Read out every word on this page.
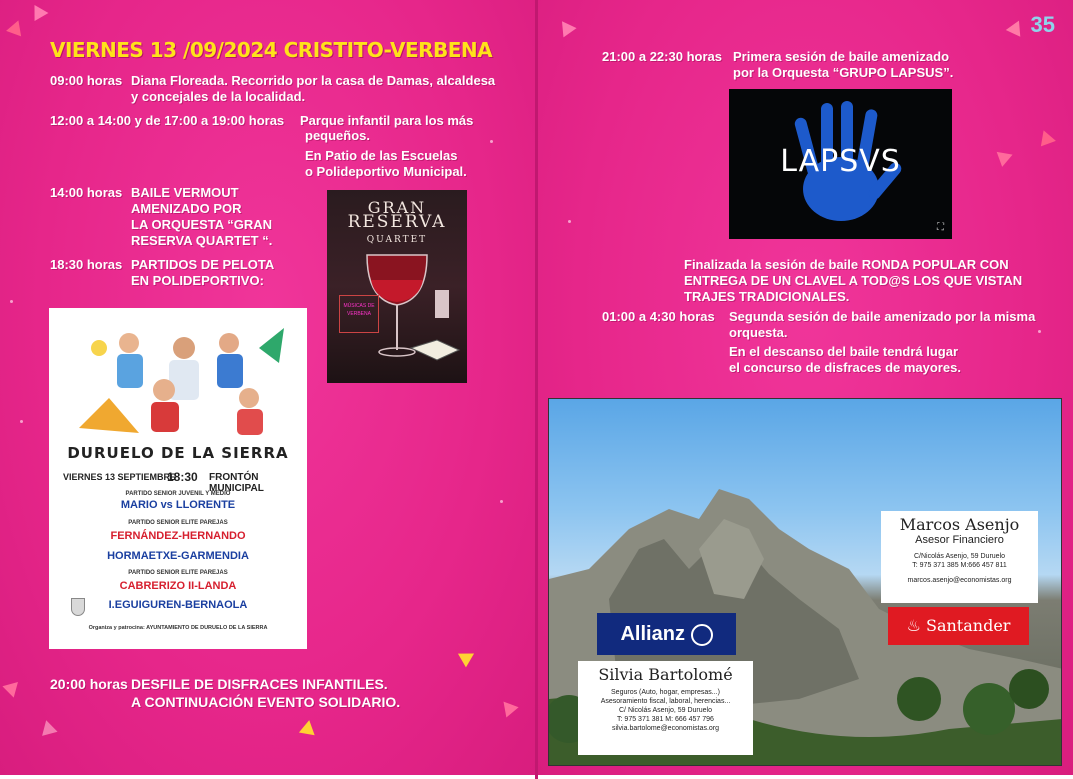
VIERNES 13 /09/2024 CRISTITO-VERBENA
09:00 horas Diana Floreada. Recorrido por la casa de Damas, alcaldesa
y concejales de la localidad.
12:00 a 14:00 y de 17:00 a 19:00 horas Parque infantil para los más
pequeños.
En Patio de las Escuelas
o Polideportivo Municipal.
14:00 horas BAILE VERMOUT
AMENIZADO POR
LA ORQUESTA “GRAN
RESERVA QUARTET “.
18:30 horas PARTIDOS DE PELOTA
EN POLIDEPORTIVO:
GRAN
RESERVA
QUARTET
MÚSICAS DE VERBENA
DURUELO DE LA SIERRA
VIERNES 13 SEPTIEMBRE
18:30 FRONTÓN MUNICIPAL
PARTIDO SENIOR JUVENIL Y MEDIO
MARIO vs LLORENTE
PARTIDO SENIOR ELITE PAREJAS
FERNÁNDEZ-HERNANDO
HORMAETXE-GARMENDIA
PARTIDO SENIOR ELITE PAREJAS
CABRERIZO II-LANDA
I.EGUIGUREN-BERNAOLA
Organiza y patrocina: AYUNTAMIENTO DE DURUELO DE LA SIERRA
20:00 horas DESFILE DE DISFRACES INFANTILES.
A CONTINUACIÓN EVENTO SOLIDARIO.
35
21:00 a 22:30 horas Primera sesión de baile amenizado
por la Orquesta “GRUPO LAPSUS”.
LAPSVS
⛶
Finalizada la sesión de baile RONDA POPULAR CON
ENTREGA DE UN CLAVEL A TOD@S LOS QUE VISTAN
TRAJES TRADICIONALES.
01:00 a 4:30 horas Segunda sesión de baile amenizado por la misma
orquesta.
En el descanso del baile tendrá lugar
el concurso de disfraces de mayores.
Marcos Asenjo
Asesor Financiero
C/Nicolás Asenjo, 59 Duruelo
T: 975 371 385 M:666 457 811
marcos.asenjo@economistas.org
♨ Santander
Allianz
Silvia Bartolomé
Seguros (Auto, hogar, empresas...)
Asesoramiento fiscal, laboral, herencias...
C/ Nicolás Asenjo, 59 Duruelo
T: 975 371 381 M: 666 457 796
silvia.bartolome@economistas.org
